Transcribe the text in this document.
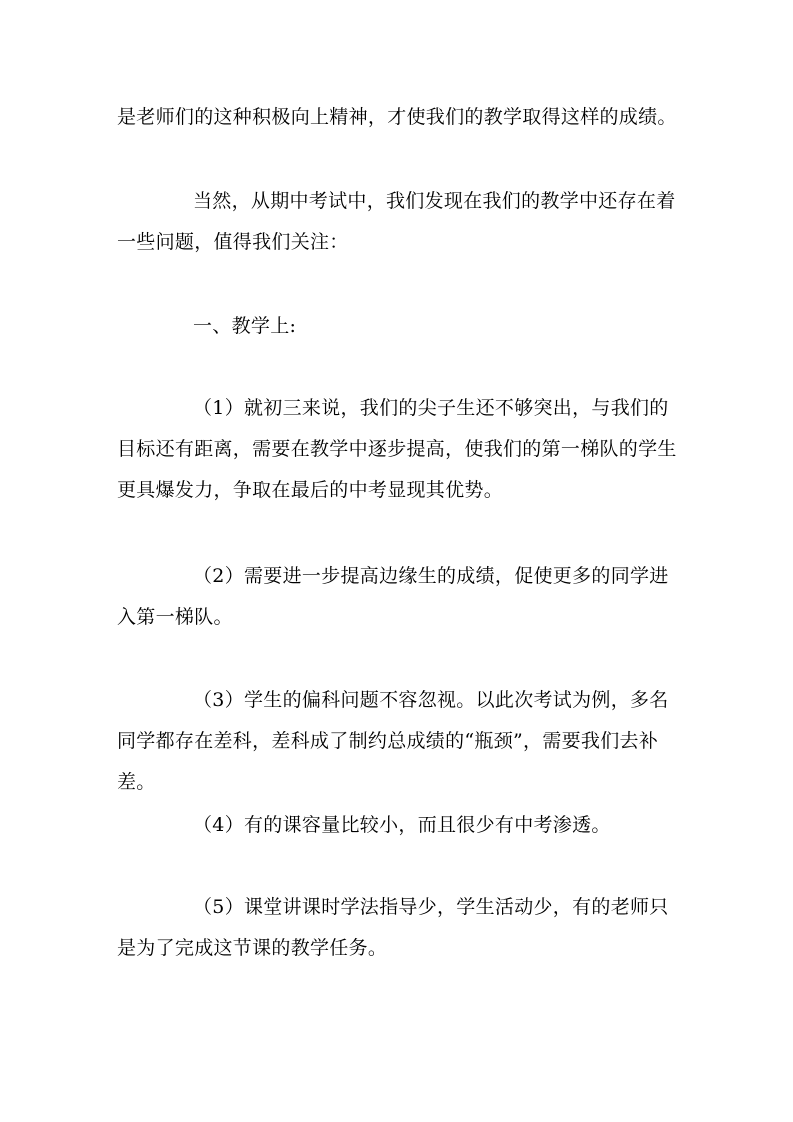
是老师们的这种积极向上精神，才使我们的教学取得这样的成绩。

当然，从期中考试中，我们发现在我们的教学中还存在着一些问题，值得我们关注：

一、教学上:

（1）就初三来说，我们的尖子生还不够突出，与我们的目标还有距离，需要在教学中逐步提高，使我们的第一梯队的学生更具爆发力，争取在最后的中考显现其优势。

（2）需要进一步提高边缘生的成绩，促使更多的同学进入第一梯队。

（3）学生的偏科问题不容忽视。以此次考试为例，多名同学都存在差科，差科成了制约总成绩的“瓶颈”，需要我们去补差。

（4）有的课容量比较小，而且很少有中考渗透。

（5）课堂讲课时学法指导少，学生活动少，有的老师只是为了完成这节课的教学任务。
